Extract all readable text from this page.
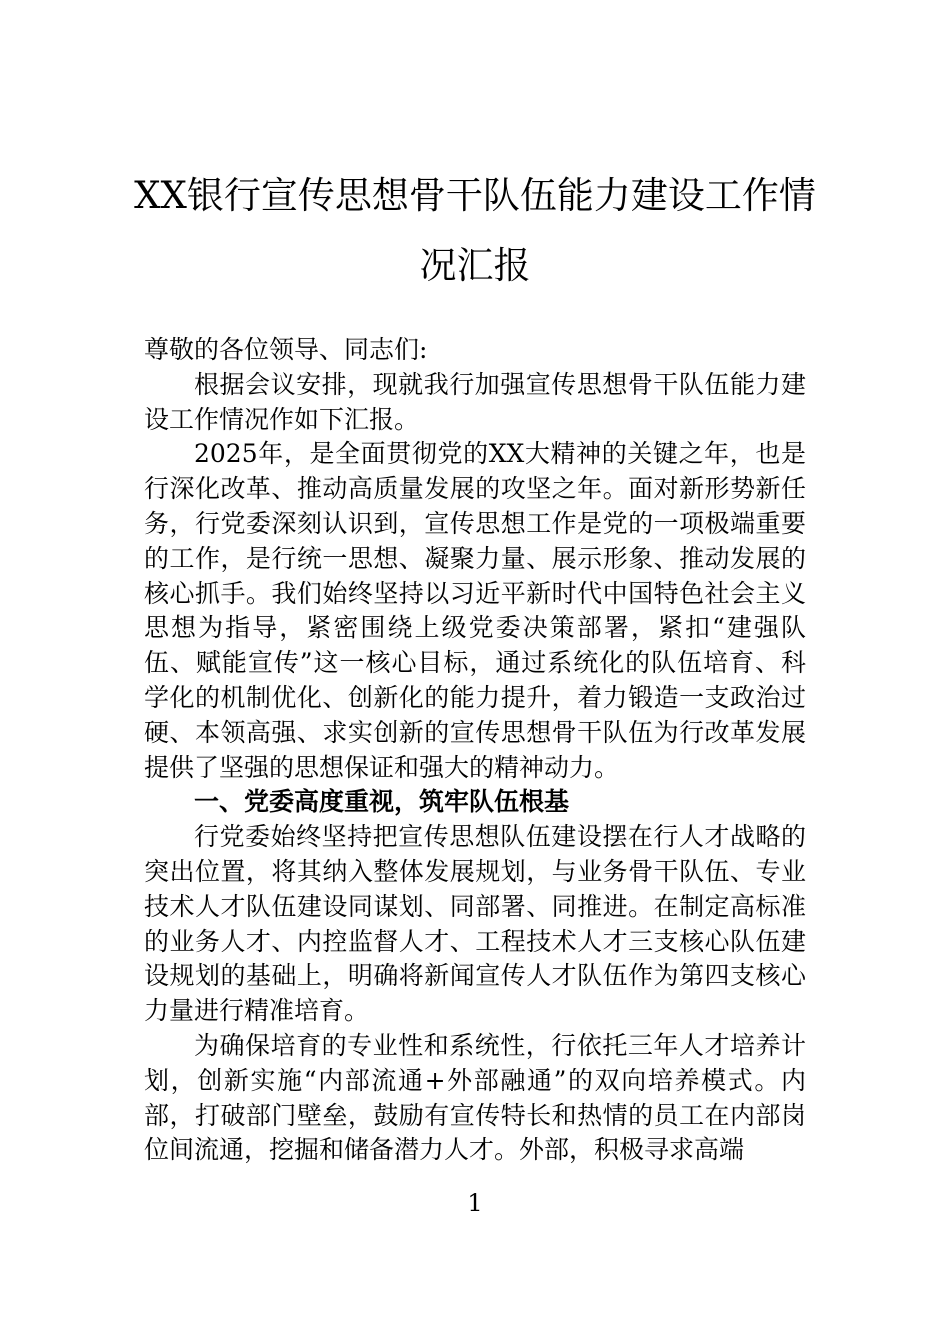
XX银行宣传思想骨干队伍能力建设工作情
况汇报

尊敬的各位领导、同志们:

根据会议安排，现就我行加强宣传思想骨干队伍能力建设工作情况作如下汇报。

2025年，是全面贯彻党的XX大精神的关键之年，也是行深化改革、推动高质量发展的攻坚之年。面对新形势新任务，行党委深刻认识到，宣传思想工作是党的一项极端重要的工作，是行统一思想、凝聚力量、展示形象、推动发展的核心抓手。我们始终坚持以习近平新时代中国特色社会主义思想为指导，紧密围绕上级党委决策部署，紧扣“建强队伍、赋能宣传”这一核心目标，通过系统化的队伍培育、科学化的机制优化、创新化的能力提升，着力锻造一支政治过硬、本领高强、求实创新的宣传思想骨干队伍为行改革发展提供了坚强的思想保证和强大的精神动力。

一、党委高度重视，筑牢队伍根基

行党委始终坚持把宣传思想队伍建设摆在行人才战略的突出位置，将其纳入整体发展规划，与业务骨干队伍、专业技术人才队伍建设同谋划、同部署、同推进。在制定高标准的业务人才、内控监督人才、工程技术人才三支核心队伍建设规划的基础上，明确将新闻宣传人才队伍作为第四支核心力量进行精准培育。

为确保培育的专业性和系统性，行依托三年人才培养计划，创新实施“内部流通+外部融通”的双向培养模式。内部，打破部门壁垒，鼓励有宣传特长和热情的员工在内部岗位间流通，挖掘和储备潜力人才。外部，积极寻求高端

1
